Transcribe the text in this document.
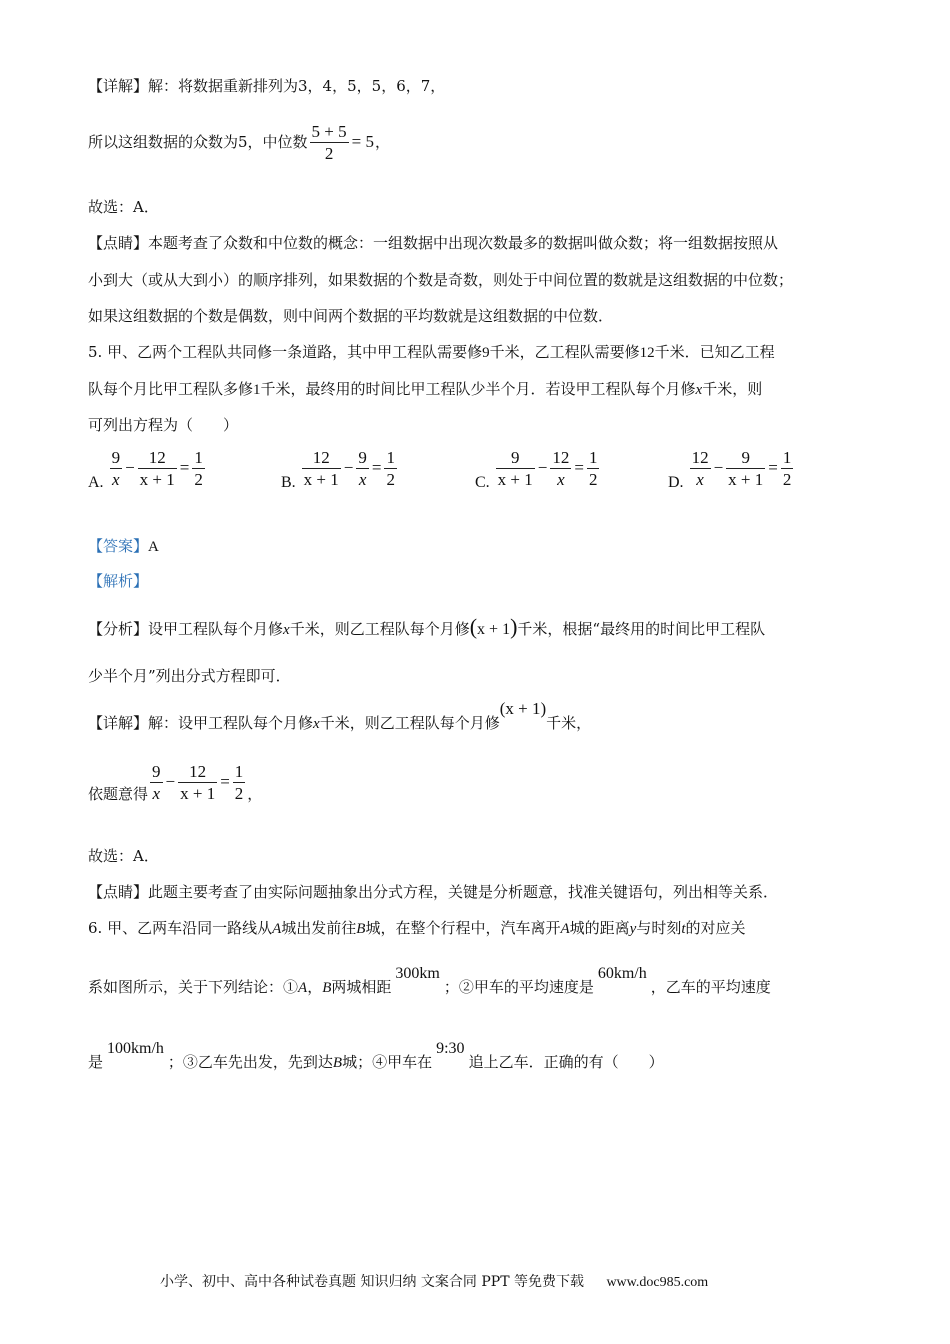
【详解】解：将数据重新排列为3，4，5，5，6，7，
所以这组数据的众数为5，中位数 $\frac{5 + 5}{2} = 5$，
故选：A．
【点睛】本题考查了众数和中位数的概念：一组数据中出现次数最多的数据叫做众数；将一组数据按照从
小到大（或从大到小）的顺序排列，如果数据的个数是奇数，则处于中间位置的数就是这组数据的中位数；
如果这组数据的个数是偶数，则中间两个数据的平均数就是这组数据的中位数．
5. 甲、乙两个工程队共同修一条道路，其中甲工程队需要修9千米，乙工程队需要修12千米．已知乙工程
队每个月比甲工程队多修1千米，最终用的时间比甲工程队少半个月．若设甲工程队每个月修x千米，则
可列出方程为（　　）
A. $\frac{9}{x} - \frac{12}{x + 1} = \frac{1}{2}$	B. $\frac{12}{x + 1} - \frac{9}{x} = \frac{1}{2}$	C. $\frac{9}{x + 1} - \frac{12}{x} = \frac{1}{2}$	D. $\frac{12}{x} - \frac{9}{x + 1} = \frac{1}{2}$
【答案】A
【解析】
【分析】设甲工程队每个月修x千米，则乙工程队每个月修(x + 1)千米，根据“最终用的时间比甲工程队
少半个月”列出分式方程即可．
【详解】解：设甲工程队每个月修x千米，则乙工程队每个月修(x + 1)千米，
依题意得 $\frac{9}{x} - \frac{12}{x + 1} = \frac{1}{2}$ ，
故选：A．
【点睛】此题主要考查了由实际问题抽象出分式方程，关键是分析题意，找准关键语句，列出相等关系．
6. 甲、乙两车沿同一路线从A城出发前往B城，在整个行程中，汽车离开A城的距离y与时刻t的对应关
系如图所示，关于下列结论：①A，B两城相距300km；②甲车的平均速度是60km/h，乙车的平均速度
是100km/h；③乙车先出发，先到达B城；④甲车在9:30追上乙车．正确的有（　　）
小学、初中、高中各种试卷真题 知识归纳 文案合同 PPT 等免费下载 www.doc985.com
